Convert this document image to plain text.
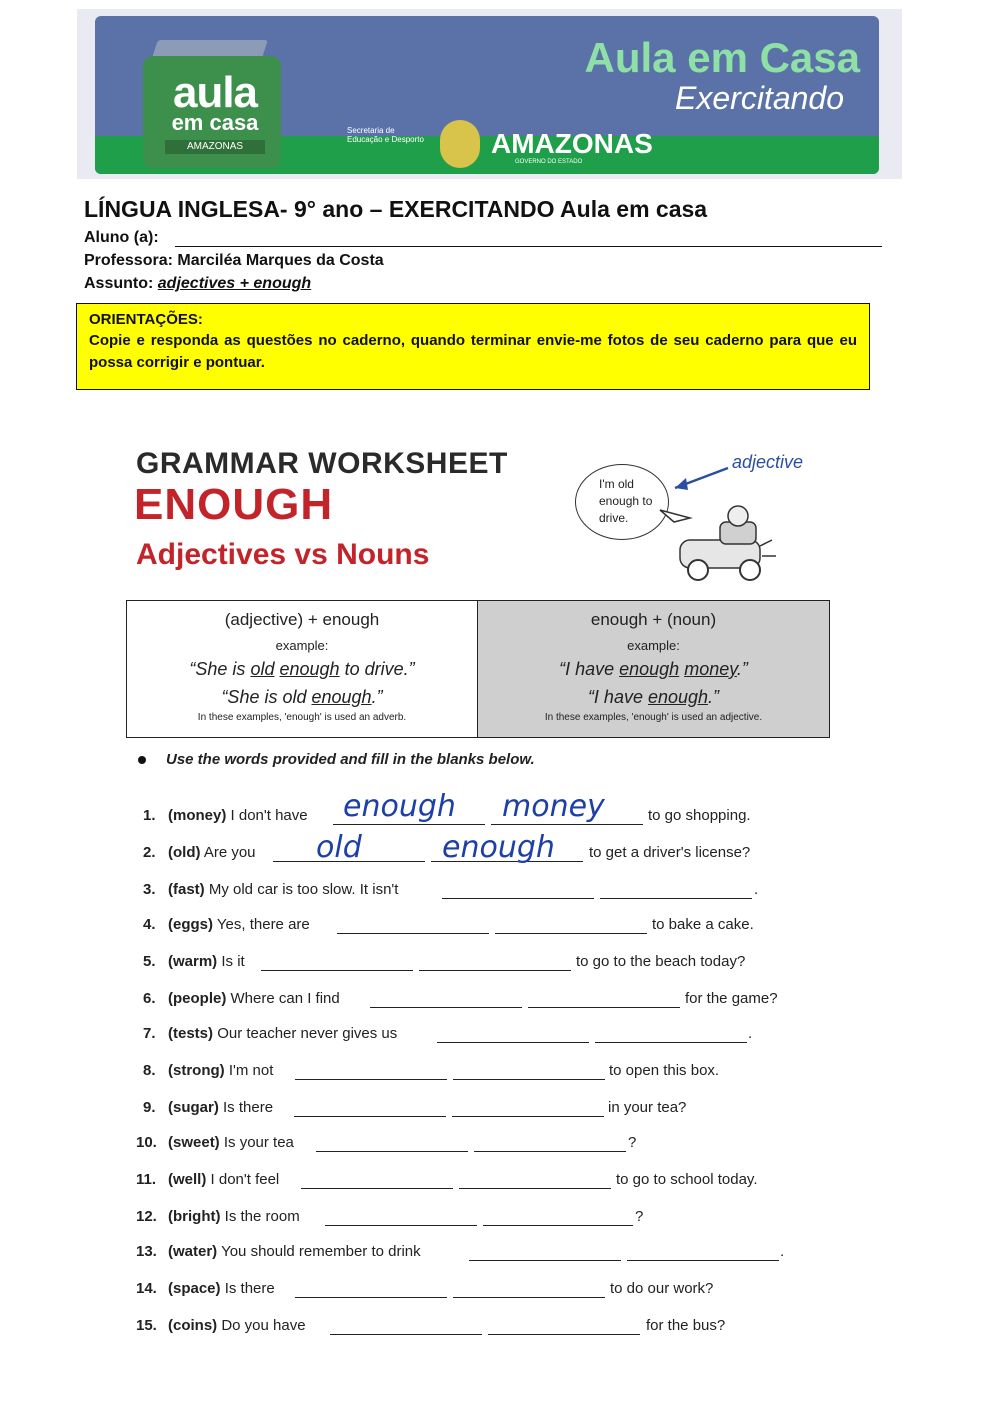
aula
em casa
AMAZONAS
Aula em Casa
Exercitando
Secretaria de Educação e Desporto AMAZONAS
GOVERNO DO ESTADO
LÍNGUA INGLESA- 9° ano – EXERCITANDO Aula em casa
Aluno (a):
Professora: Marciléa Marques da Costa
Assunto: adjectives + enough
ORIENTAÇÕES:
Copie e responda as questões no caderno, quando terminar envie-me fotos de seu caderno para que eu possa corrigir e pontuar.
GRAMMAR WORKSHEET
ENOUGH
Adjectives vs Nouns
I'm old enough to drive.
adjective
(adjective) + enough
example:
“She is old enough to drive.”
“She is old enough.”
In these examples, 'enough' is used an adverb.
enough + (noun)
example:
“I have enough money.”
“I have enough.”
In these examples, 'enough' is used an adjective.
Use the words provided and fill in the blanks below.
1. (money) I don't have	to go shopping.
enough money
2. (old) Are you	to get a driver's license?
old	enough
3. (fast) My old car is too slow. It isn't	.
4. (eggs) Yes, there are	to bake a cake.
5. (warm) Is it	to go to the beach today?
6. (people) Where can I find	for the game?
7. (tests) Our teacher never gives us	.
8. (strong) I'm not	to open this box.
9. (sugar) Is there	in your tea?
10. (sweet) Is your tea	?
11. (well) I don't feel	to go to school today.
12. (bright) Is the room	?
13. (water) You should remember to drink	.
14. (space) Is there	to do our work?
15. (coins) Do you have	for the bus?
